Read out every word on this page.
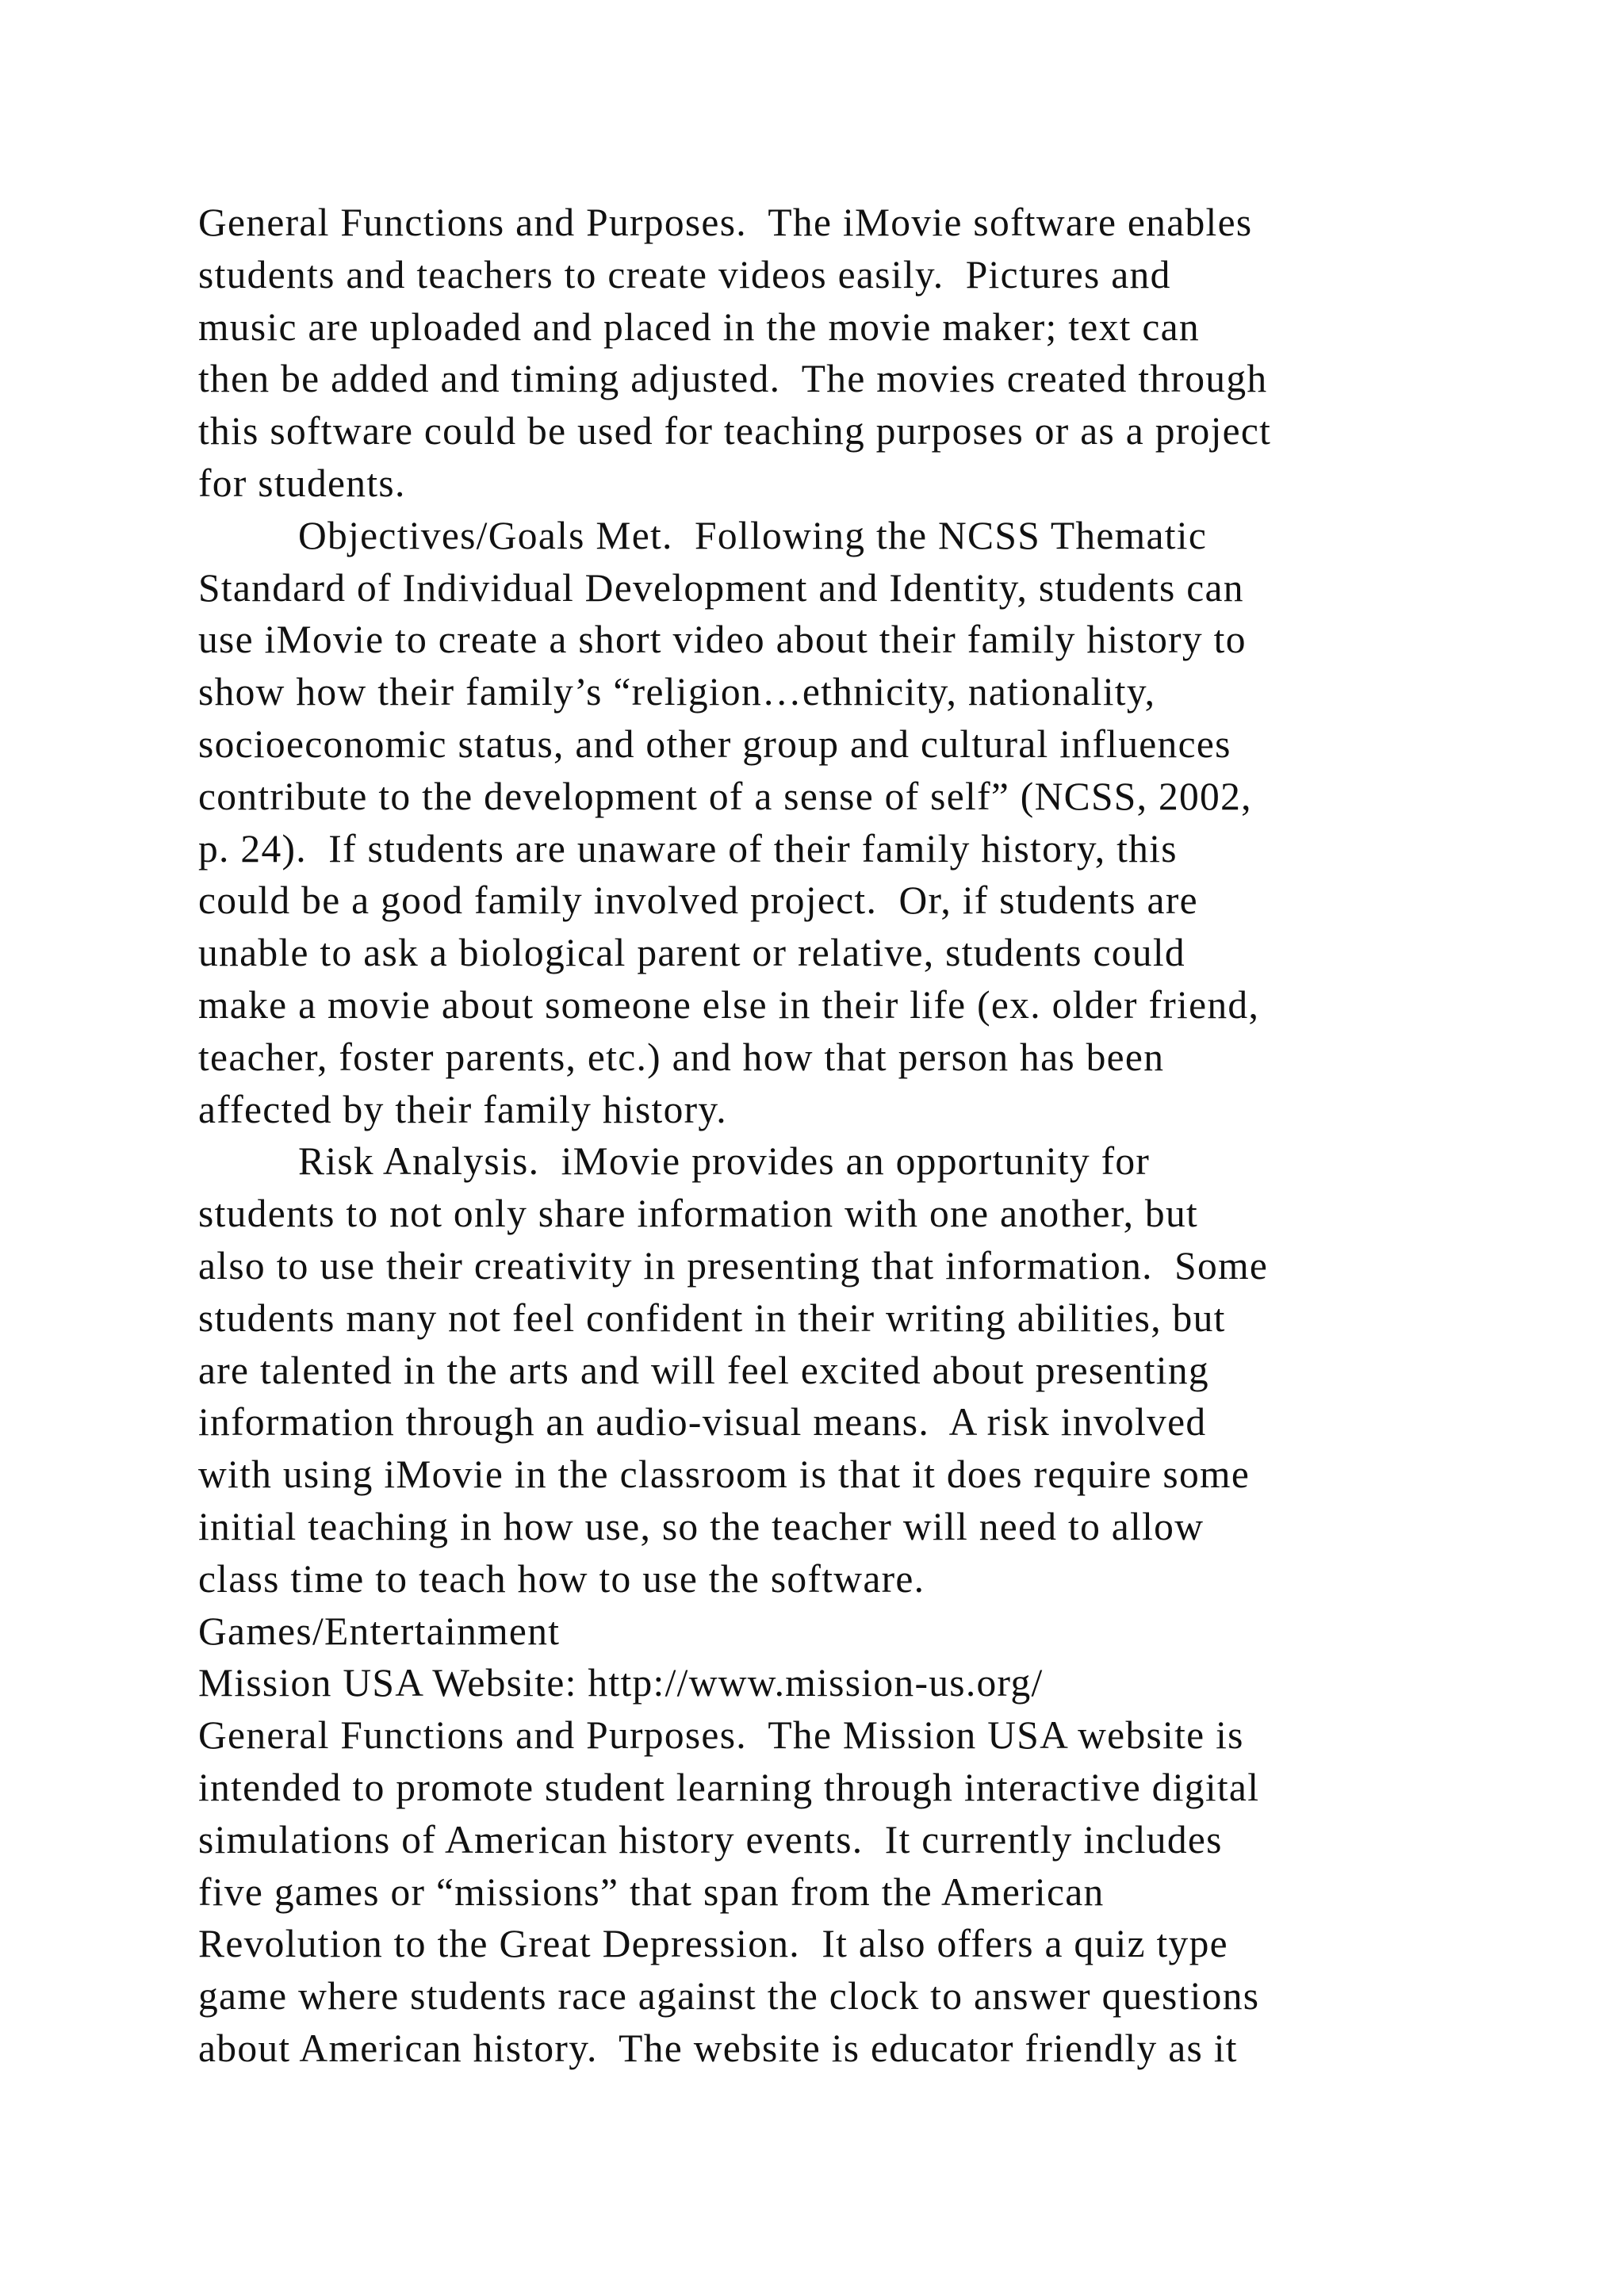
General Functions and Purposes.  The iMovie software enables
students and teachers to create videos easily.  Pictures and
music are uploaded and placed in the movie maker; text can
then be added and timing adjusted.  The movies created through
this software could be used for teaching purposes or as a project
for students.
Objectives/Goals Met.  Following the NCSS Thematic
Standard of Individual Development and Identity, students can
use iMovie to create a short video about their family history to
show how their family’s “religion…ethnicity, nationality,
socioeconomic status, and other group and cultural influences
contribute to the development of a sense of self” (NCSS, 2002,
p. 24).  If students are unaware of their family history, this
could be a good family involved project.  Or, if students are
unable to ask a biological parent or relative, students could
make a movie about someone else in their life (ex. older friend,
teacher, foster parents, etc.) and how that person has been
affected by their family history.
Risk Analysis.  iMovie provides an opportunity for
students to not only share information with one another, but
also to use their creativity in presenting that information.  Some
students many not feel confident in their writing abilities, but
are talented in the arts and will feel excited about presenting
information through an audio-visual means.  A risk involved
with using iMovie in the classroom is that it does require some
initial teaching in how use, so the teacher will need to allow
class time to teach how to use the software.
Games/Entertainment
Mission USA Website: http://www.mission-us.org/
General Functions and Purposes.  The Mission USA website is
intended to promote student learning through interactive digital
simulations of American history events.  It currently includes
five games or “missions” that span from the American
Revolution to the Great Depression.  It also offers a quiz type
game where students race against the clock to answer questions
about American history.  The website is educator friendly as it
